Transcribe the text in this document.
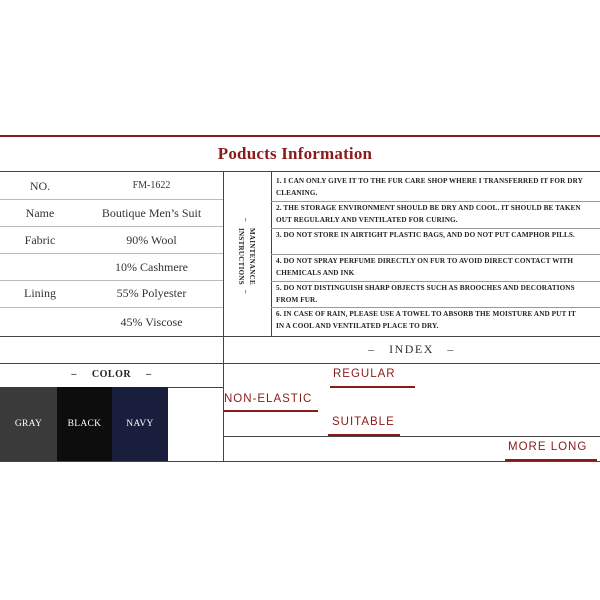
Poducts Information
NO.	FM-1622
Name	Boutique Men’s Suit
Fabric	90% Wool
10% Cashmere
Lining	55% Polyester
45% Viscose
–
MAINTENANCE
INSTRUCTIONS
–
1. I CAN ONLY GIVE IT TO THE FUR CARE SHOP WHERE I TRANSFERRED IT FOR DRY CLEANING.
2. THE STORAGE ENVIRONMENT SHOULD BE DRY AND COOL. IT SHOULD BE TAKEN OUT REGULARLY AND VENTILATED FOR CURING.
3. DO NOT STORE IN AIRTIGHT PLASTIC BAGS, AND DO NOT PUT CAMPHOR PILLS.
4. DO NOT SPRAY PERFUME DIRECTLY ON FUR TO AVOID DIRECT CONTACT WITH CHEMICALS AND INK
5. DO NOT DISTINGUISH SHARP OBJECTS SUCH AS BROOCHES AND DECORATIONS FROM FUR.
6. IN CASE OF RAIN, PLEASE USE A TOWEL TO ABSORB THE MOISTURE AND PUT IT IN A COOL AND VENTILATED PLACE TO DRY.
– INDEX –
– COLOR –
GRAY	BLACK	NAVY
REGULAR
NON-ELASTIC
SUITABLE
MORE LONG
